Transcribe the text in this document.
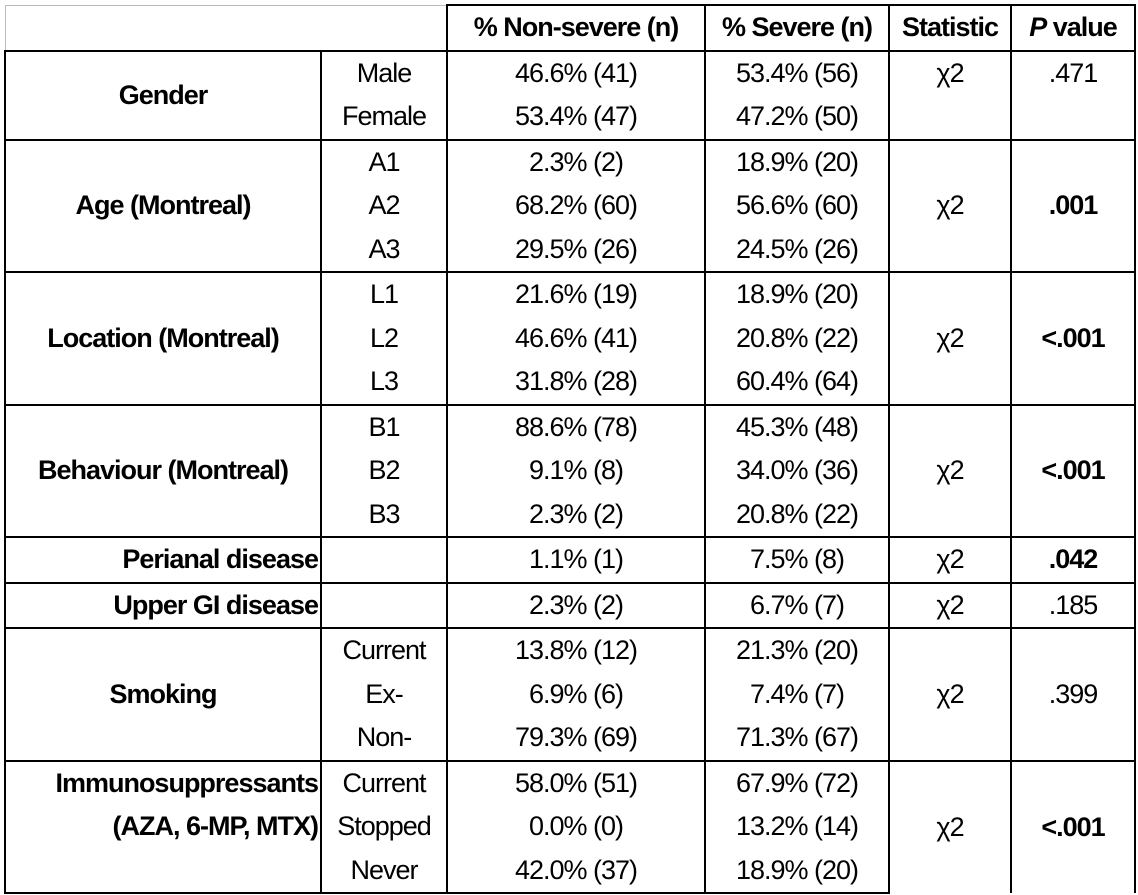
		% Non-severe (n)	% Severe (n)	Statistic	P value
Gender	Male	46.6% (41)	53.4% (56)	χ2	.471
	Female	53.4% (47)	47.2% (50)		
Age (Montreal)	A1	2.3% (2)	18.9% (20)	χ2	.001
	A2	68.2% (60)	56.6% (60)		
	A3	29.5% (26)	24.5% (26)		
Location (Montreal)	L1	21.6% (19)	18.9% (20)	χ2	<.001
	L2	46.6% (41)	20.8% (22)		
	L3	31.8% (28)	60.4% (64)		
Behaviour (Montreal)	B1	88.6% (78)	45.3% (48)	χ2	<.001
	B2	9.1% (8)	34.0% (36)		
	B3	2.3% (2)	20.8% (22)		
Perianal disease		1.1% (1)	7.5% (8)	χ2	.042
Upper GI disease		2.3% (2)	6.7% (7)	χ2	.185
Smoking	Current	13.8% (12)	21.3% (20)	χ2	.399
	Ex-	6.9% (6)	7.4% (7)		
	Non-	79.3% (69)	71.3% (67)		
Immunosuppressants	Current	58.0% (51)	67.9% (72)	χ2	<.001
(AZA, 6-MP, MTX)	Stopped	0.0% (0)	13.2% (14)		
	Never	42.0% (37)	18.9% (20)		
